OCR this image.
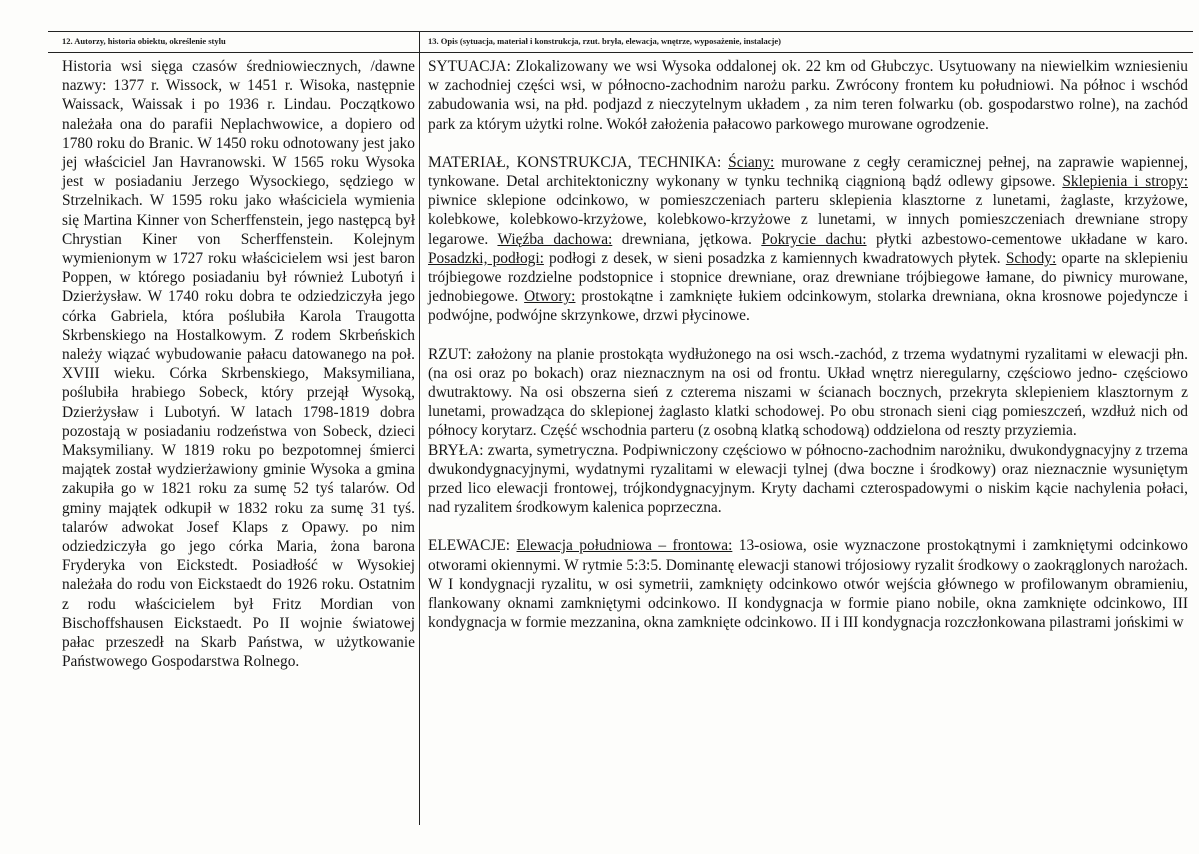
12. Autorzy, historia obiektu, określenie stylu	13. Opis (sytuacja, materiał i konstrukcja, rzut. bryła, elewacja, wnętrze, wyposażenie, instalacje)

Historia wsi sięga czasów średniowiecznych, /dawne nazwy: 1377 r. Wissock, w 1451 r. Wisoka, następnie Waissack, Waissak i po 1936 r. Lindau. Początkowo należała ona do parafii Neplachwowice, a dopiero od 1780 roku do Branic. W 1450 roku odnotowany jest jako jej właściciel Jan Havranowski. W 1565 roku Wysoka jest w posiadaniu Jerzego Wysockiego, sędziego w Strzelnikach. W 1595 roku jako właściciela wymienia się Martina Kinner von Scherffenstein, jego następcą był Chrystian Kiner von Scherffenstein. Kolejnym wymienionym w 1727 roku właścicielem wsi jest baron Poppen, w którego posiadaniu był również Lubotyń i Dzierżysław. W 1740 roku dobra te odziedziczyła jego córka Gabriela, która poślubiła Karola Traugotta Skrbenskiego na Hostalkowym. Z rodem Skrbeńskich należy wiązać wybudowanie pałacu datowanego na poł. XVIII wieku. Córka Skrbenskiego, Maksymiliana, poślubiła hrabiego Sobeck, który przejął Wysoką, Dzierżysław i Lubotyń. W latach 1798-1819 dobra pozostają w posiadaniu rodzeństwa von Sobeck, dzieci Maksymiliany. W 1819 roku po bezpotomnej śmierci majątek został wydzierżawiony gminie Wysoka a gmina zakupiła go w 1821 roku za sumę 52 tyś talarów. Od gminy majątek odkupił w 1832 roku za sumę 31 tyś. talarów adwokat Josef Klaps z Opawy. po nim odziedziczyła go jego córka Maria, żona barona Fryderyka von Eickstedt. Posiadłość w Wysokiej należała do rodu von Eickstaedt do 1926 roku. Ostatnim z rodu właścicielem był Fritz Mordian von Bischoffshausen Eickstaedt. Po II wojnie światowej pałac przeszedł na Skarb Państwa, w użytkowanie Państwowego Gospodarstwa Rolnego.

SYTUACJA: Zlokalizowany we wsi Wysoka oddalonej ok. 22 km od Głubczyc. Usytuowany na niewielkim wzniesieniu w zachodniej części wsi, w północno-zachodnim narożu parku. Zwrócony frontem ku południowi. Na północ i wschód zabudowania wsi, na płd. podjazd z nieczytelnym układem , za nim teren folwarku (ob. gospodarstwo rolne), na zachód park za którym użytki rolne. Wokół założenia pałacowo parkowego murowane ogrodzenie.

MATERIAŁ, KONSTRUKCJA, TECHNIKA: Ściany: murowane z cegły ceramicznej pełnej, na zaprawie wapiennej, tynkowane. Detal architektoniczny wykonany w tynku techniką ciągnioną bądź odlewy gipsowe. Sklepienia i stropy: piwnice sklepione odcinkowo, w pomieszczeniach parteru sklepienia klasztorne z lunetami, żaglaste, krzyżowe, kolebkowe, kolebkowo-krzyżowe, kolebkowo-krzyżowe z lunetami, w innych pomieszczeniach drewniane stropy legarowe. Więźba dachowa: drewniana, jętkowa. Pokrycie dachu: płytki azbestowo-cementowe układane w karo. Posadzki, podłogi: podłogi z desek, w sieni posadzka z kamiennych kwadratowych płytek. Schody: oparte na sklepieniu trójbiegowe rozdzielne podstopnice i stopnice drewniane, oraz drewniane trójbiegowe łamane, do piwnicy murowane, jednobiegowe. Otwory: prostokątne i zamknięte łukiem odcinkowym, stolarka drewniana, okna krosnowe pojedyncze i podwójne, podwójne skrzynkowe, drzwi płycinowe.

RZUT: założony na planie prostokąta wydłużonego na osi wsch.-zachód, z trzema wydatnymi ryzalitami w elewacji płn. (na osi oraz po bokach) oraz nieznacznym na osi od frontu. Układ wnętrz nieregularny, częściowo jedno- częściowo dwutraktowy. Na osi obszerna sień z czterema niszami w ścianach bocznych, przekryta sklepieniem klasztornym z lunetami, prowadząca do sklepionej żaglasto klatki schodowej. Po obu stronach sieni ciąg pomieszczeń, wzdłuż nich od północy korytarz. Część wschodnia parteru (z osobną klatką schodową) oddzielona od reszty przyziemia.

BRYŁA: zwarta, symetryczna. Podpiwniczony częściowo w północno-zachodnim narożniku, dwukondygnacyjny z trzema dwukondygnacyjnymi, wydatnymi ryzalitami w elewacji tylnej (dwa boczne i środkowy) oraz nieznacznie wysuniętym przed lico elewacji frontowej, trójkondygnacyjnym. Kryty dachami czterospadowymi o niskim kącie nachylenia połaci, nad ryzalitem środkowym kalenica poprzeczna.

ELEWACJE: Elewacja południowa – frontowa: 13-osiowa, osie wyznaczone prostokątnymi i zamkniętymi odcinkowo otworami okiennymi. W rytmie 5:3:5. Dominantę elewacji stanowi trójosiowy ryzalit środkowy o zaokrąglonych narożach. W I kondygnacji ryzalitu, w osi symetrii, zamknięty odcinkowo otwór wejścia głównego w profilowanym obramieniu, flankowany oknami zamkniętymi odcinkowo. II kondygnacja w formie piano nobile, okna zamknięte odcinkowo, III kondygnacja w formie mezzanina, okna zamknięte odcinkowo. II i III kondygnacja rozczłonkowana pilastrami jońskimi w
